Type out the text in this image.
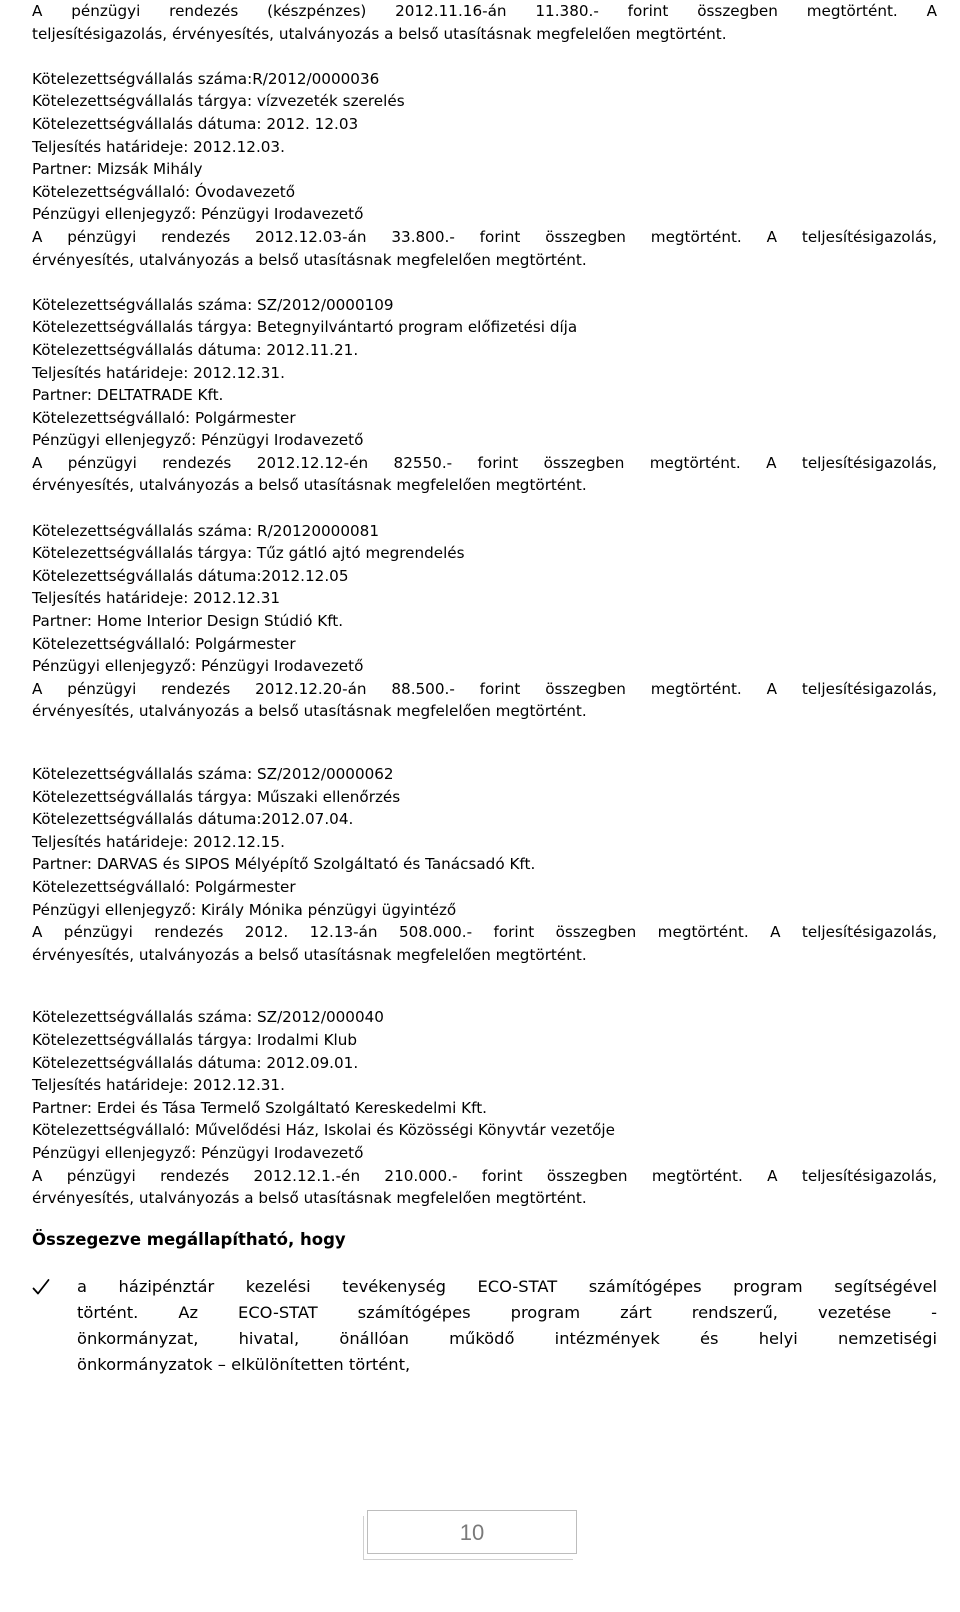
A pénzügyi rendezés (készpénzes) 2012.11.16-án 11.380.- forint összegben megtörtént. A
teljesítésigazolás, érvényesítés, utalványozás a belső utasításnak megfelelően megtörtént.
Kötelezettségvállalás száma:R/2012/0000036
Kötelezettségvállalás tárgya: vízvezeték szerelés
Kötelezettségvállalás dátuma: 2012. 12.03
Teljesítés határideje: 2012.12.03.
Partner: Mizsák Mihály
Kötelezettségvállaló: Óvodavezető
Pénzügyi ellenjegyző: Pénzügyi Irodavezető
A pénzügyi rendezés 2012.12.03-án 33.800.- forint összegben megtörtént. A teljesítésigazolás,
érvényesítés, utalványozás a belső utasításnak megfelelően megtörtént.
Kötelezettségvállalás száma: SZ/2012/0000109
Kötelezettségvállalás tárgya: Betegnyilvántartó program előfizetési díja
Kötelezettségvállalás dátuma: 2012.11.21.
Teljesítés határideje: 2012.12.31.
Partner: DELTATRADE Kft.
Kötelezettségvállaló: Polgármester
Pénzügyi ellenjegyző: Pénzügyi Irodavezető
A pénzügyi rendezés 2012.12.12-én 82550.- forint összegben megtörtént. A teljesítésigazolás,
érvényesítés, utalványozás a belső utasításnak megfelelően megtörtént.
Kötelezettségvállalás száma: R/20120000081
Kötelezettségvállalás tárgya: Tűz gátló ajtó megrendelés
Kötelezettségvállalás dátuma:2012.12.05
Teljesítés határideje: 2012.12.31
Partner: Home Interior Design Stúdió Kft.
Kötelezettségvállaló: Polgármester
Pénzügyi ellenjegyző: Pénzügyi Irodavezető
A pénzügyi rendezés 2012.12.20-án 88.500.- forint összegben megtörtént. A teljesítésigazolás,
érvényesítés, utalványozás a belső utasításnak megfelelően megtörtént.
Kötelezettségvállalás száma: SZ/2012/0000062
Kötelezettségvállalás tárgya: Műszaki ellenőrzés
Kötelezettségvállalás dátuma:2012.07.04.
Teljesítés határideje: 2012.12.15.
Partner: DARVAS és SIPOS Mélyépítő Szolgáltató és Tanácsadó Kft.
Kötelezettségvállaló: Polgármester
Pénzügyi ellenjegyző: Király Mónika pénzügyi ügyintéző
A pénzügyi rendezés 2012. 12.13-án 508.000.- forint összegben megtörtént. A teljesítésigazolás,
érvényesítés, utalványozás a belső utasításnak megfelelően megtörtént.
Kötelezettségvállalás száma: SZ/2012/000040
Kötelezettségvállalás tárgya: Irodalmi Klub
Kötelezettségvállalás dátuma: 2012.09.01.
Teljesítés határideje: 2012.12.31.
Partner: Erdei és Tása Termelő Szolgáltató Kereskedelmi Kft.
Kötelezettségvállaló: Művelődési Ház, Iskolai és Közösségi Könyvtár vezetője
Pénzügyi ellenjegyző: Pénzügyi Irodavezető
A pénzügyi rendezés 2012.12.1.-én 210.000.- forint összegben megtörtént. A teljesítésigazolás,
érvényesítés, utalványozás a belső utasításnak megfelelően megtörtént.
Összegezve megállapítható, hogy
a házipénztár kezelési tevékenység ECO-STAT számítógépes program segítségével
történt. Az ECO-STAT számítógépes program zárt rendszerű, vezetése -
önkormányzat, hivatal, önállóan működő intézmények és helyi nemzetiségi
önkormányzatok – elkülönítetten történt,
10
